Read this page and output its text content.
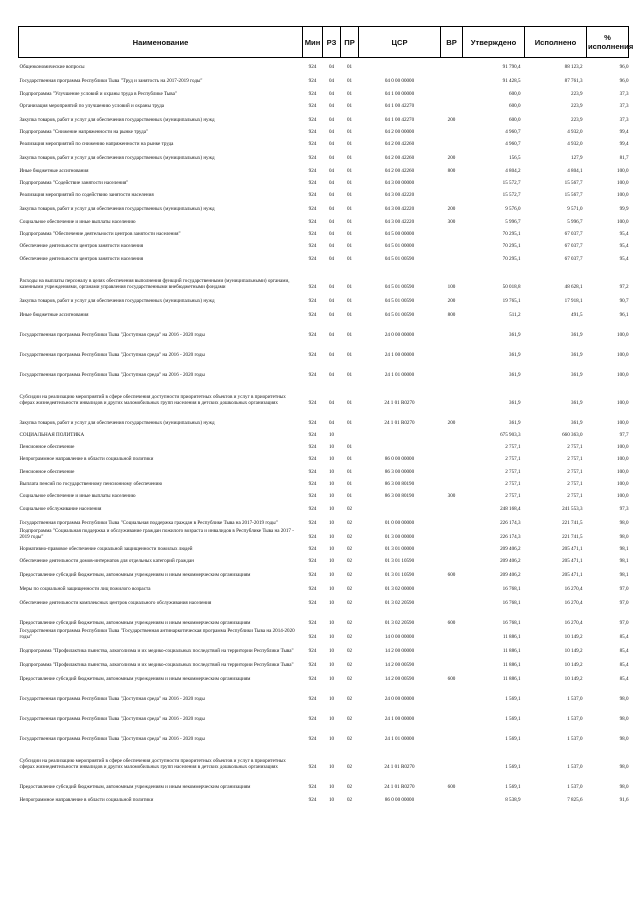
Наименование	Мин	РЗ	ПР	ЦСР	ВР	Утверждено	Исполнено	% исполнения
Общеэкономические вопросы	924	04	01			91 790,4	88 123,2	96,0
Государственная программа Республики Тыва "Труд и занятость на 2017-2019 годы"	924	04	01	04 0 00 00000		91 428,5	87 761,3	96,0
Подпрограмма "Улучшение условий и охраны труда в Республике Тыва"	924	04	01	04 1 00 00000		600,0	223,9	37,3
Организация мероприятий по улучшению условий и охраны труда	924	04	01	04 1 00 42270		600,0	223,9	37,3
Закупка товаров, работ и услуг для обеспечения государственных (муниципальных) нужд	924	04	01	04 1 00 42270	200	600,0	223,9	37,3
Подпрограмма "Снижение напряженности на рынке труда"	924	04	01	04 2 00 00000		4 960,7	4 932,0	99,4
Реализация мероприятий по снижению напряженности на рынке труда	924	04	01	04 2 00 42260		4 960,7	4 932,0	99,4
Закупка товаров, работ и услуг для обеспечения государственных (муниципальных) нужд	924	04	01	04 2 00 42260	200	156,5	127,9	81,7
Иные бюджетные ассигнования	924	04	01	04 2 00 42260	800	4 804,2	4 804,1	100,0
Подпрограмма "Содействие занятости населения"	924	04	01	04 3 00 00000		15 572,7	15 567,7	100,0
Реализация мероприятий по содействию занятости населения	924	04	01	04 3 00 42220		15 572,7	15 567,7	100,0
Закупка товаров, работ и услуг для обеспечения государственных (муниципальных) нужд	924	04	01	04 3 00 42220	200	9 576,0	9 571,0	99,9
Социальное обеспечение и иные выплаты населению	924	04	01	04 3 00 42220	300	5 996,7	5 996,7	100,0
Подпрограмма "Обеспечение деятельности центров занятости населения"	924	04	01	04 5 00 00000		70 295,1	67 037,7	95,4
Обеспечение деятельности центров занятости населения	924	04	01	04 5 01 00000		70 295,1	67 037,7	95,4
Обеспечение деятельности центров занятости населения	924	04	01	04 5 01 00590		70 295,1	67 037,7	95,4
Расходы на выплаты персоналу в целях обеспечения выполнения функций государственными (муниципальными) органами, казенными учреждениями, органами управления государственными внебюджетными фондами	924	04	01	04 5 01 00590	100	50 018,8	48 628,1	97,2
Закупка товаров, работ и услуг для обеспечения государственных (муниципальных) нужд	924	04	01	04 5 01 00590	200	19 765,1	17 918,1	90,7
Иные бюджетные ассигнования	924	04	01	04 5 01 00590	800	511,2	491,5	96,1
Государственная программа Республики Тыва "Доступная среда" на 2016 - 2020 годы	924	04	01	24 0 00 00000		361,9	361,9	100,0
Государственная программа Республики Тыва "Доступная среда" на 2016 - 2020 годы	924	04	01	24 1 00 00000		361,9	361,9	100,0
Государственная программа Республики Тыва "Доступная среда" на 2016 - 2020 годы	924	04	01	24 1 01 00000		361,9	361,9	100,0
Субсидии на реализацию мероприятий в сфере обеспечения доступности приоритетных объектов и услуг в приоритетных сферах жизнедеятельности инвалидов и других маломобильных групп населения в детских дошкольных организациях	924	04	01	24 1 01 R0270		361,9	361,9	100,0
Закупка товаров, работ и услуг для обеспечения государственных (муниципальных) нужд	924	04	01	24 1 01 R0270	200	361,9	361,9	100,0
СОЦИАЛЬНАЯ ПОЛИТИКА	924	10				675 903,3	660 363,0	97,7
Пенсионное обеспечение	924	10	01			2 757,1	2 757,1	100,0
Непрограммное направление в области социальной политики	924	10	01	86 0 00 00000		2 757,1	2 757,1	100,0
Пенсионное обеспечение	924	10	01	86 3 00 00000		2 757,1	2 757,1	100,0
Выплата пенсий по государственному пенсионному обеспечению	924	10	01	86 3 00 80190		2 757,1	2 757,1	100,0
Социальное обеспечение и иные выплаты населению	924	10	01	86 3 00 80190	300	2 757,1	2 757,1	100,0
Социальное обслуживание населения	924	10	02			248 168,4	241 553,3	97,3
Государственная программа Республики Тыва "Социальная поддержка граждан в Республике Тыва на 2017-2019 годы"	924	10	02	01 0 00 00000		226 174,3	221 741,5	98,0
Подпрограмма "Социальная поддержка и обслуживание граждан пожилого возраста и инвалидов в Республике Тыва на 2017 - 2019 годы"	924	10	02	01 3 00 00000		226 174,3	221 741,5	98,0
Нормативно-правовое обеспечение социальной защищенности пожилых людей	924	10	02	01 3 01 00000		209 406,2	205 471,1	98,1
Обеспечение деятельности домов-интернатов для отдельных категорий граждан	924	10	02	01 3 01 10590		209 406,2	205 471,1	98,1
Предоставление субсидий бюджетным, автономным учреждениям и иным некоммерческим организациям	924	10	02	01 3 01 10590	600	209 406,2	205 471,1	98,1
Меры по социальной защищенности лиц пожилого возраста	924	10	02	01 3 02 00000		16 768,1	16 270,4	97,0
Обеспечение деятельности комплексных центров социального обслуживания населения	924	10	02	01 3 02 20590		16 768,1	16 270,4	97,0
Предоставление субсидий бюджетным, автономным учреждениям и иным некоммерческим организациям	924	10	02	01 3 02 20590	600	16 768,1	16 270,4	97,0
Государственная программа Республики Тыва "Государственная антинаркотическая программа Республики Тыва на 2014-2020 годы"	924	10	02	14 0 00 00000		11 886,1	10 149,2	85,4
Подпрограмма "Профилактика пьянства, алкоголизма и их медико-социальных последствий на территории Республики Тыва"	924	10	02	14 2 00 00000		11 886,1	10 149,2	85,4
Подпрограмма "Профилактика пьянства, алкоголизма и их медико-социальных последствий на территории Республики Тыва"	924	10	02	14 2 00 00590		11 886,1	10 149,2	85,4
Предоставление субсидий бюджетным, автономным учреждениям и иным некоммерческим организациям	924	10	02	14 2 00 00590	600	11 886,1	10 149,2	85,4
Государственная программа Республики Тыва "Доступная среда" на 2016 - 2020 годы	924	10	02	24 0 00 00000		1 569,1	1 537,0	98,0
Государственная программа Республики Тыва "Доступная среда" на 2016 - 2020 годы	924	10	02	24 1 00 00000		1 569,1	1 537,0	98,0
Государственная программа Республики Тыва "Доступная среда" на 2016 - 2020 годы	924	10	02	24 1 01 00000		1 569,1	1 537,0	98,0
Субсидии на реализацию мероприятий в сфере обеспечения доступности приоритетных объектов и услуг в приоритетных сферах жизнедеятельности инвалидов и других маломобильных групп населения в детских дошкольных организациях	924	10	02	24 1 01 R0270		1 569,1	1 537,0	98,0
Предоставление субсидий бюджетным, автономным учреждениям и иным некоммерческим организациям	924	10	02	24 1 01 R0270	600	1 569,1	1 537,0	98,0
Непрограммное направление в области социальной политики	924	10	02	86 0 00 00000		8 538,9	7 825,6	91,6
